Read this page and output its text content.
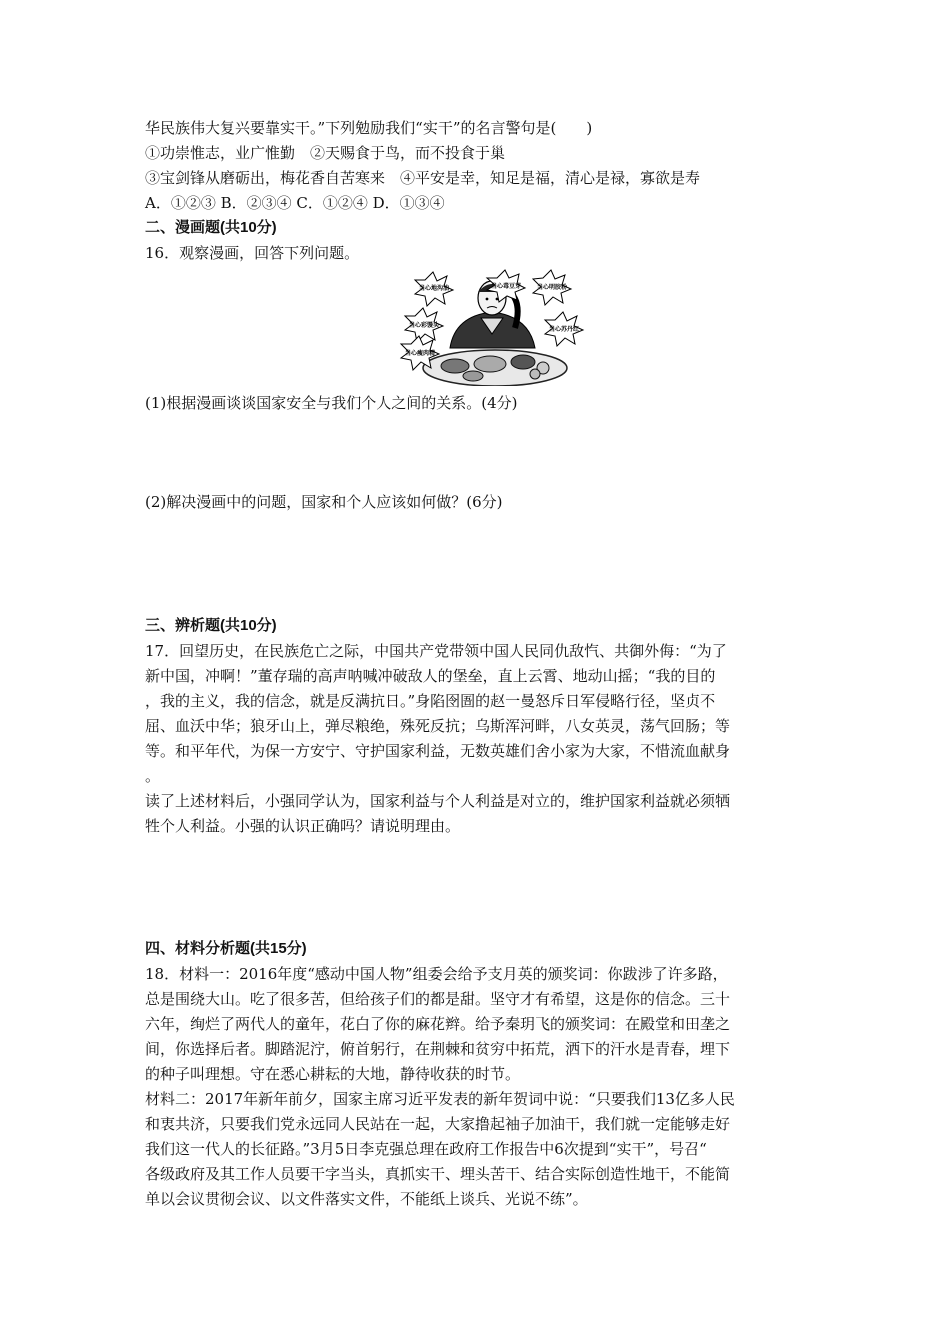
华民族伟大复兴要靠实干。”下列勉励我们“实干”的名言警句是(　　)
①功崇惟志，业广惟勤　②天赐食于鸟，而不投食于巢
③宝剑锋从磨砺出，梅花香自苦寒来　④平安是幸，知足是福，清心是禄，寡欲是寿
A．①②③ B．②③④ C．①②④ D．①③④
二、漫画题(共10分)
16．观察漫画，回答下列问题。
当心地沟油	当心毒豆芽	当心明胶粉
当心彩馒头
当心瘦肉精
当心苏丹红
(1)根据漫画谈谈国家安全与我们个人之间的关系。(4分)
(2)解决漫画中的问题，国家和个人应该如何做？(6分)
三、辨析题(共10分)
17．回望历史，在民族危亡之际，中国共产党带领中国人民同仇敌忾、共御外侮：“为了
新中国，冲啊！”董存瑞的高声呐喊冲破敌人的堡垒，直上云霄、地动山摇；“我的目的
，我的主义，我的信念，就是反满抗日。”身陷囹圄的赵一曼怒斥日军侵略行径，坚贞不
屈、血沃中华；狼牙山上，弹尽粮绝，殊死反抗；乌斯浑河畔，八女英灵，荡气回肠；等
等。和平年代，为保一方安宁、守护国家利益，无数英雄们舍小家为大家，不惜流血献身
。
读了上述材料后，小强同学认为，国家利益与个人利益是对立的，维护国家利益就必须牺
牲个人利益。小强的认识正确吗？请说明理由。
四、材料分析题(共15分)
18．材料一：2016年度“感动中国人物”组委会给予支月英的颁奖词：你跋涉了许多路，
总是围绕大山。吃了很多苦，但给孩子们的都是甜。坚守才有希望，这是你的信念。三十
六年，绚烂了两代人的童年，花白了你的麻花辫。给予秦玥飞的颁奖词：在殿堂和田垄之
间，你选择后者。脚踏泥泞，俯首躬行，在荆棘和贫穷中拓荒，洒下的汗水是青春，埋下
的种子叫理想。守在悉心耕耘的大地，静待收获的时节。
材料二：2017年新年前夕，国家主席习近平发表的新年贺词中说：“只要我们13亿多人民
和衷共济，只要我们党永远同人民站在一起，大家撸起袖子加油干，我们就一定能够走好
我们这一代人的长征路。”3月5日李克强总理在政府工作报告中6次提到“实干”，号召“
各级政府及其工作人员要干字当头，真抓实干、埋头苦干、结合实际创造性地干，不能简
单以会议贯彻会议、以文件落实文件，不能纸上谈兵、光说不练”。
